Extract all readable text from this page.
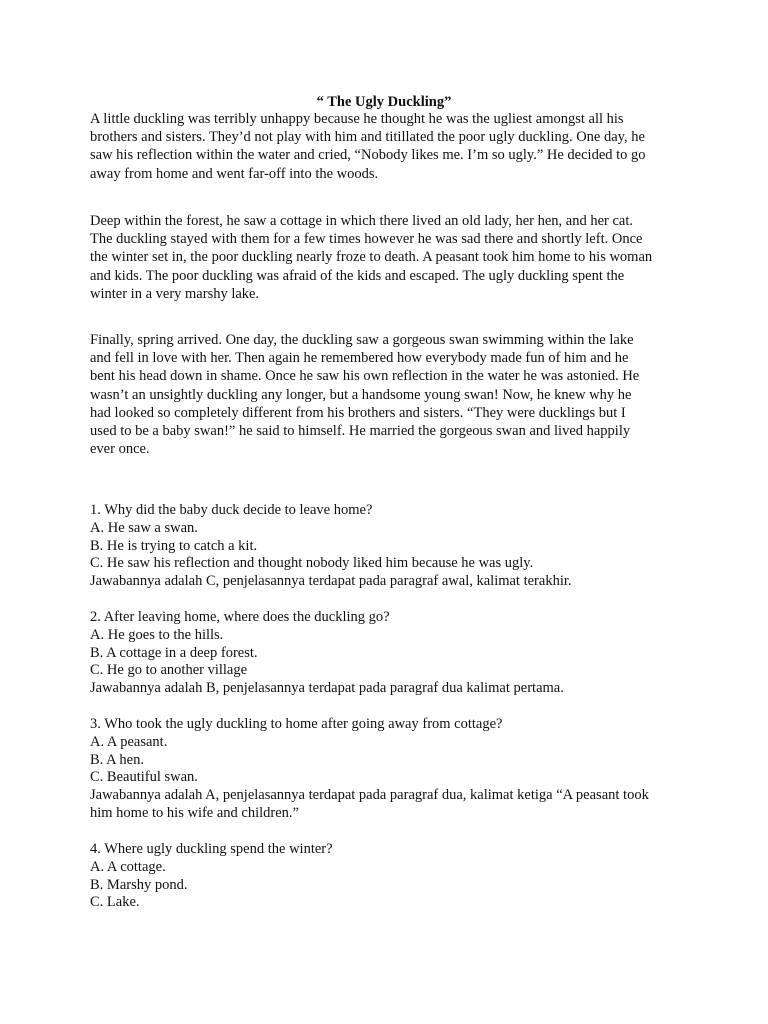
“ The Ugly Duckling”

A little duckling was terribly unhappy because he thought he was the ugliest amongst all his
brothers and sisters. They’d not play with him and titillated the poor ugly duckling. One day, he
saw his reflection within the water and cried, “Nobody likes me. I’m so ugly.” He decided to go
away from home and went far-off into the woods.

Deep within the forest, he saw a cottage in which there lived an old lady, her hen, and her cat.
The duckling stayed with them for a few times however he was sad there and shortly left. Once
the winter set in, the poor duckling nearly froze to death. A peasant took him home to his woman
and kids. The poor duckling was afraid of the kids and escaped. The ugly duckling spent the
winter in a very marshy lake.

Finally, spring arrived. One day, the duckling saw a gorgeous swan swimming within the lake
and fell in love with her. Then again he remembered how everybody made fun of him and he
bent his head down in shame. Once he saw his own reflection in the water he was astonied. He
wasn’t an unsightly duckling any longer, but a handsome young swan! Now, he knew why he
had looked so completely different from his brothers and sisters. “They were ducklings but I
used to be a baby swan!” he said to himself. He married the gorgeous swan and lived happily
ever once.

1. Why did the baby duck decide to leave home?
A. He saw a swan.
B. He is trying to catch a kit.
C. He saw his reflection and thought nobody liked him because he was ugly.
Jawabannya adalah C, penjelasannya terdapat pada paragraf awal, kalimat terakhir.
2. After leaving home, where does the duckling go?
A. He goes to the hills.
B. A cottage in a deep forest.
C. He go to another village
Jawabannya adalah B, penjelasannya terdapat pada paragraf dua kalimat pertama.
3. Who took the ugly duckling to home after going away from cottage?
A. A peasant.
B. A hen.
C. Beautiful swan.
Jawabannya adalah A, penjelasannya terdapat pada paragraf dua, kalimat ketiga “A peasant took
him home to his wife and children.”
4. Where ugly duckling spend the winter?
A. A cottage.
B. Marshy pond.
C. Lake.
